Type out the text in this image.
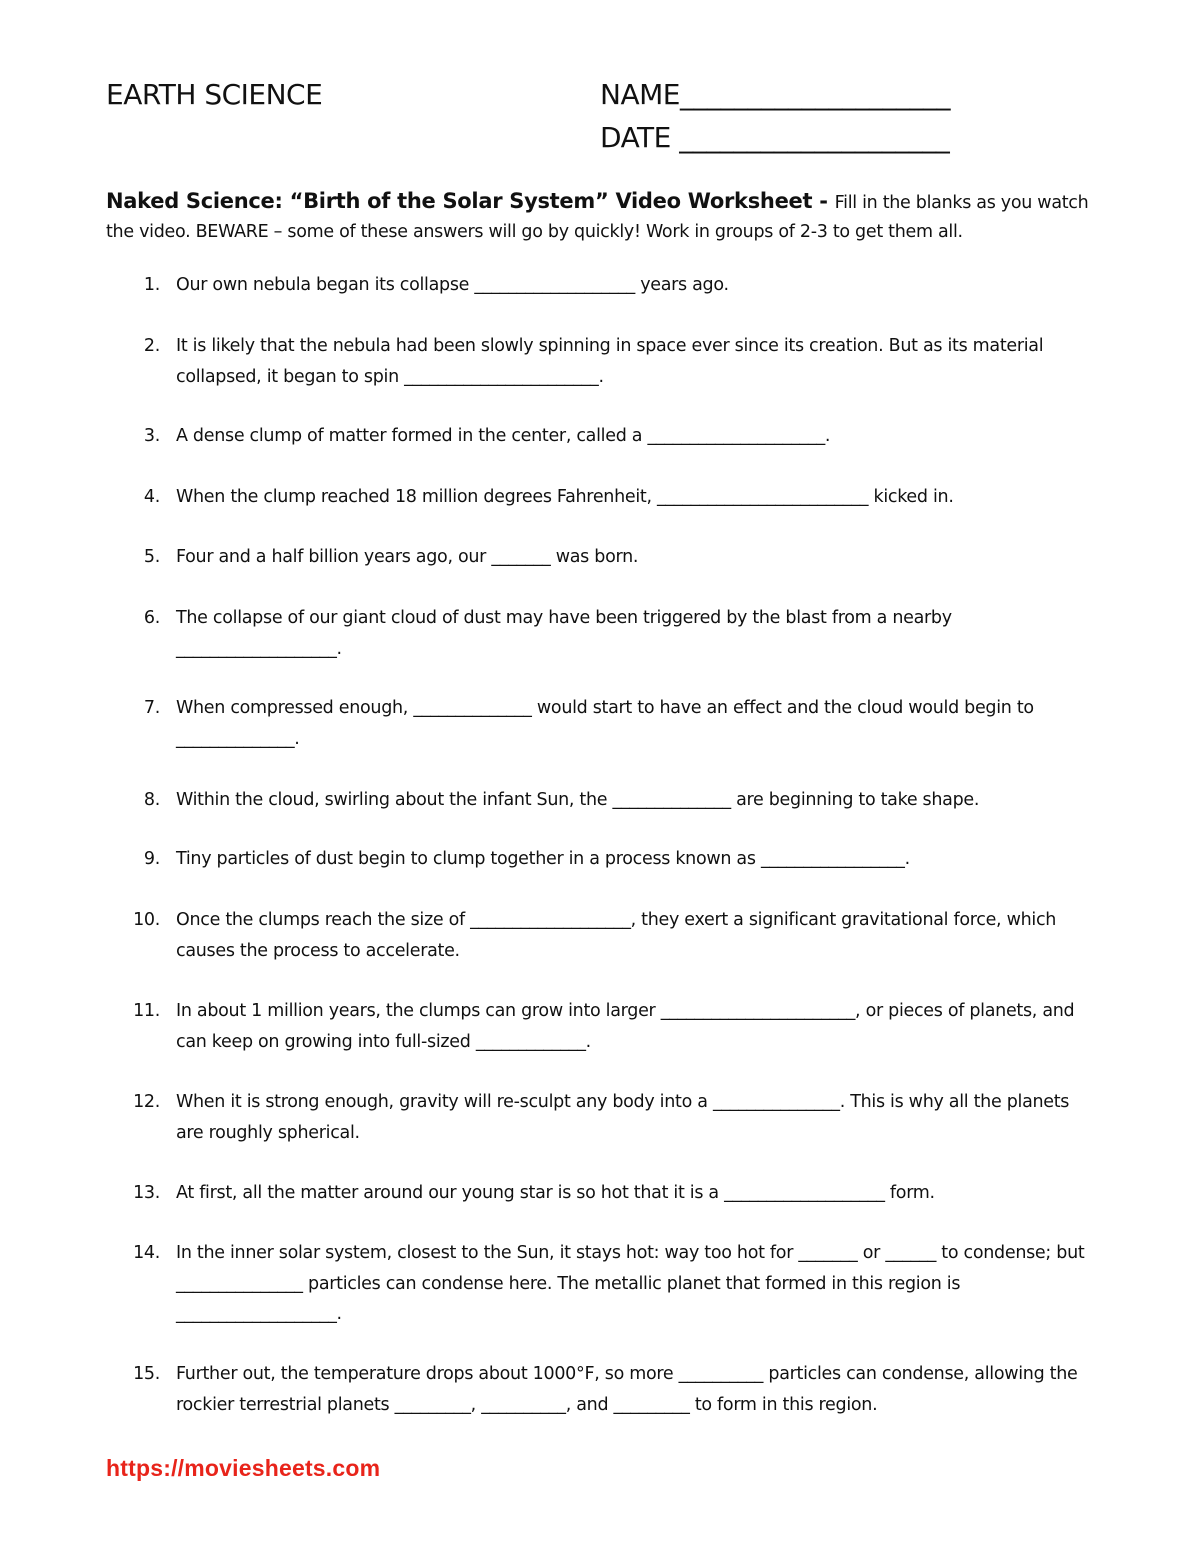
EARTH SCIENCE	NAME____________________
DATE ____________________
Naked Science: “Birth of the Solar System” Video Worksheet - Fill in the blanks as you watch the video. BEWARE – some of these answers will go by quickly! Work in groups of 2-3 to get them all.
1. Our own nebula began its collapse ___________________ years ago.
2. It is likely that the nebula had been slowly spinning in space ever since its creation. But as its material collapsed, it began to spin _______________________.
3. A dense clump of matter formed in the center, called a _____________________.
4. When the clump reached 18 million degrees Fahrenheit, _________________________ kicked in.
5. Four and a half billion years ago, our _______ was born.
6. The collapse of our giant cloud of dust may have been triggered by the blast from a nearby ___________________.
7. When compressed enough, ______________ would start to have an effect and the cloud would begin to ______________.
8. Within the cloud, swirling about the infant Sun, the ______________ are beginning to take shape.
9. Tiny particles of dust begin to clump together in a process known as _________________.
10. Once the clumps reach the size of ___________________, they exert a significant gravitational force, which causes the process to accelerate.
11. In about 1 million years, the clumps can grow into larger _______________________, or pieces of planets, and can keep on growing into full-sized _____________.
12. When it is strong enough, gravity will re-sculpt any body into a _______________. This is why all the planets are roughly spherical.
13. At first, all the matter around our young star is so hot that it is a ___________________ form.
14. In the inner solar system, closest to the Sun, it stays hot: way too hot for _______ or ______ to condense; but _______________ particles can condense here. The metallic planet that formed in this region is ___________________.
15. Further out, the temperature drops about 1000°F, so more __________ particles can condense, allowing the rockier terrestrial planets _________, __________, and _________ to form in this region.
https://moviesheets.com
